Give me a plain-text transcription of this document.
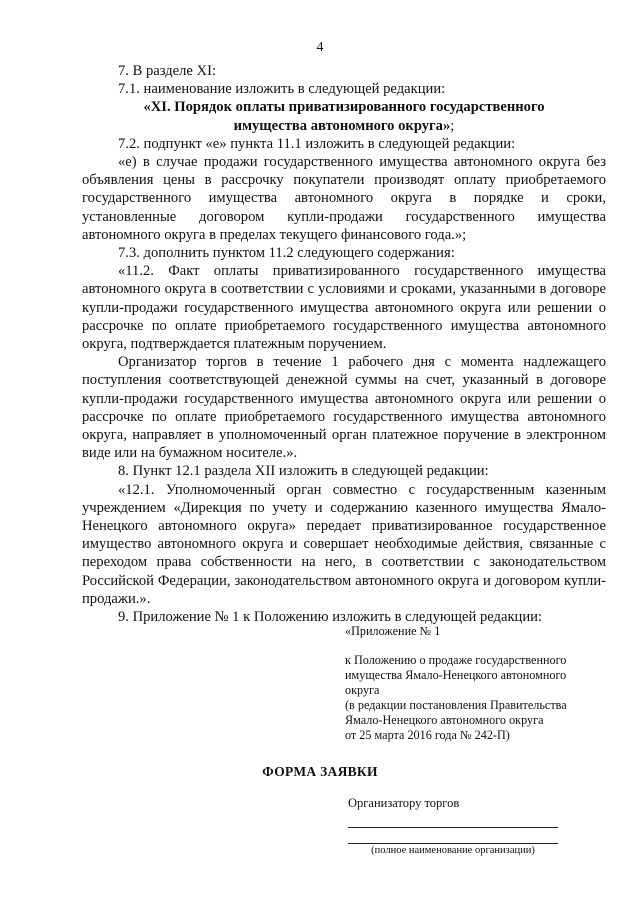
4

7. В разделе XI:

7.1. наименование изложить в следующей редакции:

«XI. Порядок оплаты приватизированного государственного

имущества автономного округа»;

7.2. подпункт «е» пункта 11.1 изложить в следующей редакции:

«е) в случае продажи государственного имущества автономного округа без объявления цены в рассрочку покупатели производят оплату приобретаемого государственного имущества автономного округа в порядке и сроки, установленные договором купли-продажи государственного имущества автономного округа в пределах текущего финансового года.»;

7.3. дополнить пунктом 11.2 следующего содержания:

«11.2. Факт оплаты приватизированного государственного имущества автономного округа в соответствии с условиями и сроками, указанными в договоре купли-продажи государственного имущества автономного округа или решении о рассрочке по оплате приобретаемого государственного имущества автономного округа, подтверждается платежным поручением.

Организатор торгов в течение 1 рабочего дня с момента надлежащего поступления соответствующей денежной суммы на счет, указанный в договоре купли-продажи государственного имущества автономного округа или решении о рассрочке по оплате приобретаемого государственного имущества автономного округа, направляет в уполномоченный орган платежное поручение в электронном виде или на бумажном носителе.».

8. Пункт 12.1 раздела XII изложить в следующей редакции:

«12.1. Уполномоченный орган совместно с государственным казенным учреждением «Дирекция по учету и содержанию казенного имущества Ямало-Ненецкого автономного округа» передает приватизированное государственное имущество автономного округа и совершает необходимые действия, связанные с переходом права собственности на него, в соответствии с законодательством Российской Федерации, законодательством автономного округа и договором купли-продажи.».

9. Приложение № 1 к Положению изложить в следующей редакции:

«Приложение № 1
к Положению о продаже государственного
имущества Ямало-Ненецкого автономного
округа
(в редакции постановления Правительства
Ямало-Ненецкого автономного округа
от 25 марта 2016 года № 242-П)
ФОРМА ЗАЯВКИ
Организатору торгов
(полное наименование организации)
